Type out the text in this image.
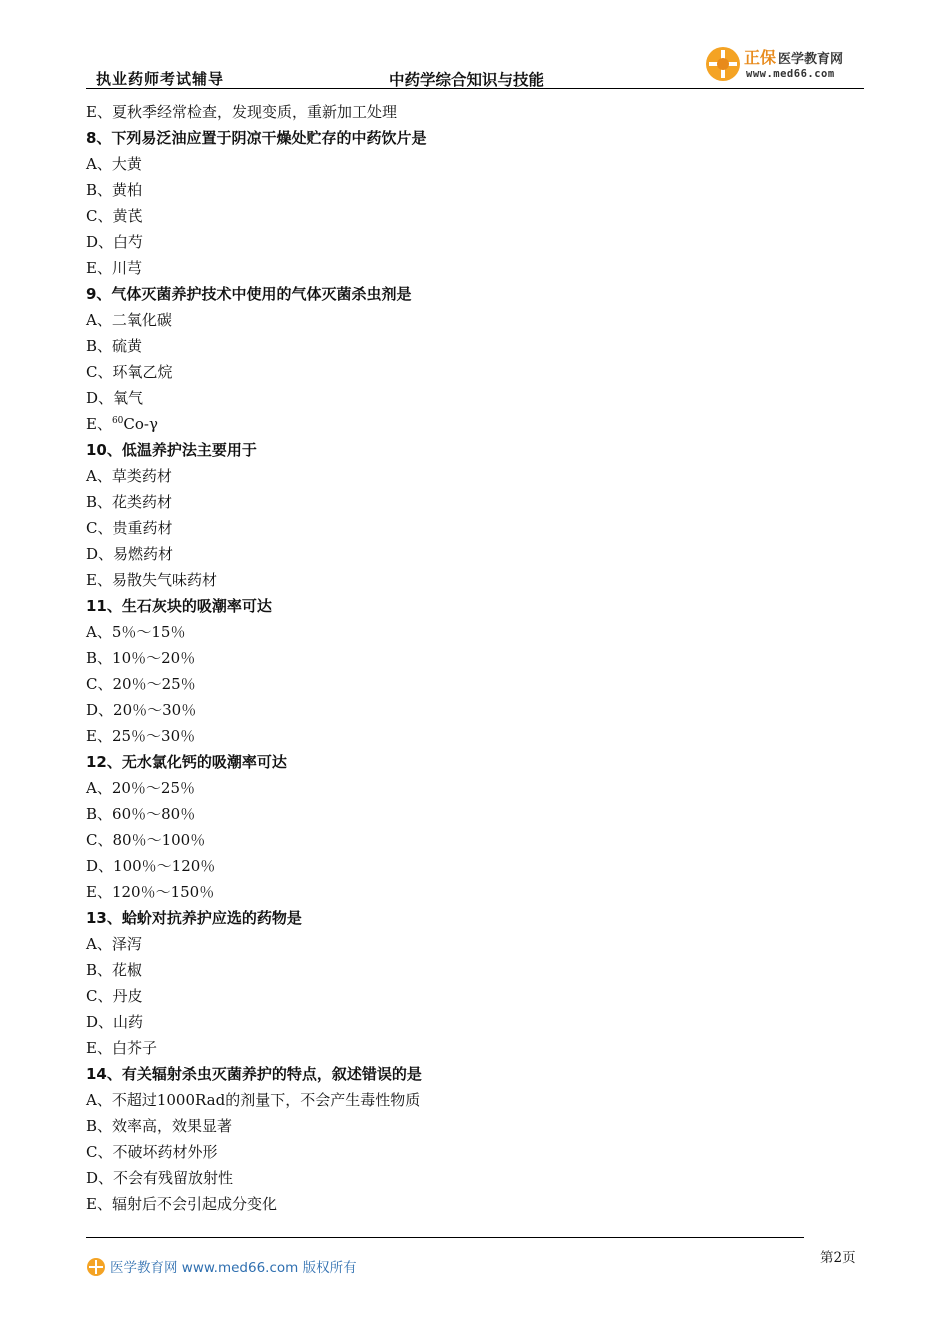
执业药师考试辅导	中药学综合知识与技能
正保 医学教育网
www.med66.com
E、夏秋季经常检查，发现变质，重新加工处理
8、下列易泛油应置于阴凉干燥处贮存的中药饮片是
A、大黄
B、黄柏
C、黄芪
D、白芍
E、川芎
9、气体灭菌养护技术中使用的气体灭菌杀虫剂是
A、二氧化碳
B、硫黄
C、环氧乙烷
D、氧气
E、$^{60}$Co-γ
10、低温养护法主要用于
A、草类药材
B、花类药材
C、贵重药材
D、易燃药材
E、易散失气味药材
11、生石灰块的吸潮率可达
A、5％～15％
B、10％～20％
C、20％～25％
D、20％～30％
E、25％～30％
12、无水氯化钙的吸潮率可达
A、20％～25％
B、60％～80％
C、80％～100％
D、100％～120％
E、120％～150％
13、蛤蚧对抗养护应选的药物是
A、泽泻
B、花椒
C、丹皮
D、山药
E、白芥子
14、有关辐射杀虫灭菌养护的特点，叙述错误的是
A、不超过1000Rad的剂量下，不会产生毒性物质
B、效率高，效果显著
C、不破坏药材外形
D、不会有残留放射性
E、辐射后不会引起成分变化
医学教育网 www.med66.com 版权所有
第2页
